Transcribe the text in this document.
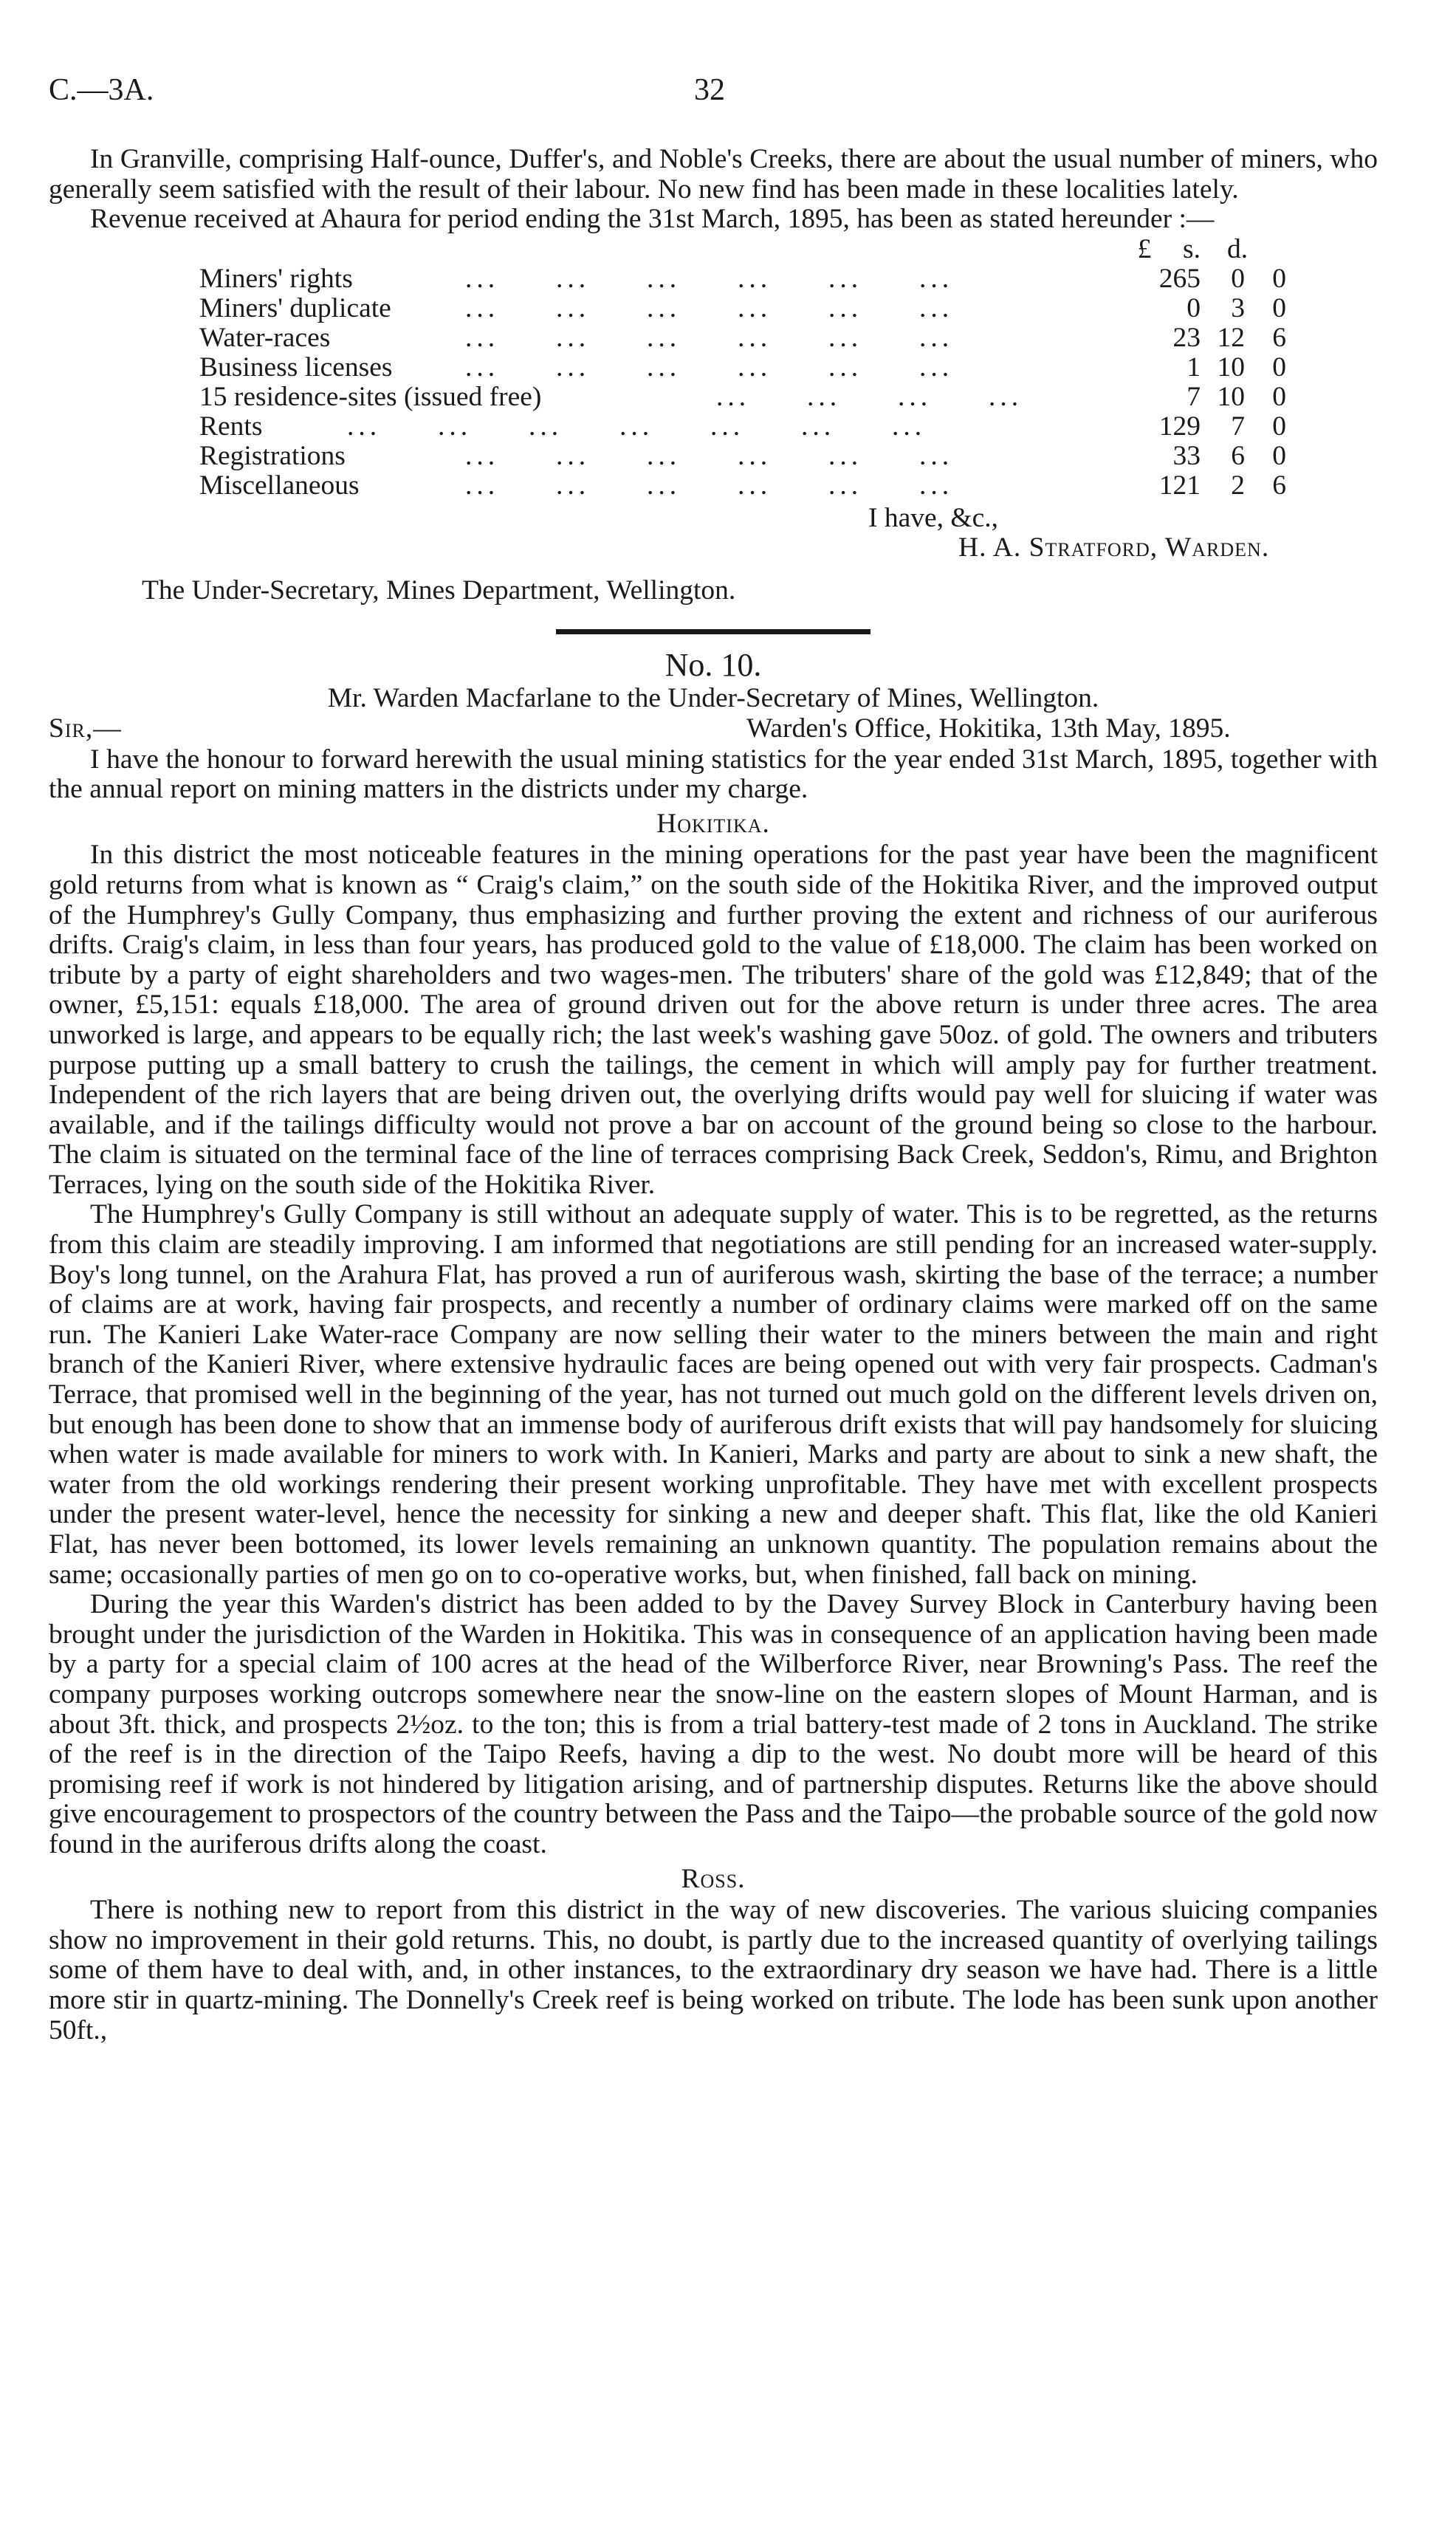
C.—3A.	32

In Granville, comprising Half-ounce, Duffer's, and Noble's Creeks, there are about the usual number of miners, who generally seem satisfied with the result of their labour. No new find has been made in these localities lately.

Revenue received at Ahaura for period ending the 31st March, 1895, has been as stated hereunder :—

£ s. d.
Miners' rights	...     ...     ...     ...     ...     ...	265	0 0
Miners' duplicate	...     ...     ...     ...     ...     ...	0	3 0
Water-races	...     ...     ...     ...     ...     ...	23 12 6
Business licenses	...     ...     ...     ...     ...     ...	1 10 0
15 residence-sites (issued free)	...     ...     ...     ...	7 10 0
Rents	...     ...     ...     ...     ...     ...     ...	129	7 0
Registrations	...     ...     ...     ...     ...     ...	33	6 0
Miscellaneous	...     ...     ...     ...     ...     ...	121	2 6
I have, &c.,
H. A. Stratford, Warden.

The Under-Secretary, Mines Department, Wellington.

No. 10.

Mr. Warden Macfarlane to the Under-Secretary of Mines, Wellington.

Sir,—	Warden's Office, Hokitika, 13th May, 1895.

I have the honour to forward herewith the usual mining statistics for the year ended 31st March, 1895, together with the annual report on mining matters in the districts under my charge.

Hokitika.

In this district the most noticeable features in the mining operations for the past year have been the magnificent gold returns from what is known as “ Craig's claim,” on the south side of the Hokitika River, and the improved output of the Humphrey's Gully Company, thus emphasizing and further proving the extent and richness of our auriferous drifts. Craig's claim, in less than four years, has produced gold to the value of £18,000. The claim has been worked on tribute by a party of eight shareholders and two wages-men. The tributers' share of the gold was £12,849; that of the owner, £5,151: equals £18,000. The area of ground driven out for the above return is under three acres. The area unworked is large, and appears to be equally rich; the last week's washing gave 50oz. of gold. The owners and tributers purpose putting up a small battery to crush the tailings, the cement in which will amply pay for further treatment. Independent of the rich layers that are being driven out, the overlying drifts would pay well for sluicing if water was available, and if the tailings difficulty would not prove a bar on account of the ground being so close to the harbour. The claim is situated on the terminal face of the line of terraces comprising Back Creek, Seddon's, Rimu, and Brighton Terraces, lying on the south side of the Hokitika River.

The Humphrey's Gully Company is still without an adequate supply of water. This is to be regretted, as the returns from this claim are steadily improving. I am informed that negotiations are still pending for an increased water-supply. Boy's long tunnel, on the Arahura Flat, has proved a run of auriferous wash, skirting the base of the terrace; a number of claims are at work, having fair prospects, and recently a number of ordinary claims were marked off on the same run. The Kanieri Lake Water-race Company are now selling their water to the miners between the main and right branch of the Kanieri River, where extensive hydraulic faces are being opened out with very fair prospects. Cadman's Terrace, that promised well in the beginning of the year, has not turned out much gold on the different levels driven on, but enough has been done to show that an immense body of auriferous drift exists that will pay handsomely for sluicing when water is made available for miners to work with. In Kanieri, Marks and party are about to sink a new shaft, the water from the old workings rendering their present working unprofitable. They have met with excellent prospects under the present water-level, hence the necessity for sinking a new and deeper shaft. This flat, like the old Kanieri Flat, has never been bottomed, its lower levels remaining an unknown quantity. The population remains about the same; occasionally parties of men go on to co-operative works, but, when finished, fall back on mining.

During the year this Warden's district has been added to by the Davey Survey Block in Canterbury having been brought under the jurisdiction of the Warden in Hokitika. This was in consequence of an application having been made by a party for a special claim of 100 acres at the head of the Wilberforce River, near Browning's Pass. The reef the company purposes working outcrops somewhere near the snow-line on the eastern slopes of Mount Harman, and is about 3ft. thick, and prospects 2½oz. to the ton; this is from a trial battery-test made of 2 tons in Auckland. The strike of the reef is in the direction of the Taipo Reefs, having a dip to the west. No doubt more will be heard of this promising reef if work is not hindered by litigation arising, and of partnership disputes. Returns like the above should give encouragement to prospectors of the country between the Pass and the Taipo—the probable source of the gold now found in the auriferous drifts along the coast.

Ross.

There is nothing new to report from this district in the way of new discoveries. The various sluicing companies show no improvement in their gold returns. This, no doubt, is partly due to the increased quantity of overlying tailings some of them have to deal with, and, in other instances, to the extraordinary dry season we have had. There is a little more stir in quartz-mining. The Donnelly's Creek reef is being worked on tribute. The lode has been sunk upon another 50ft.,
